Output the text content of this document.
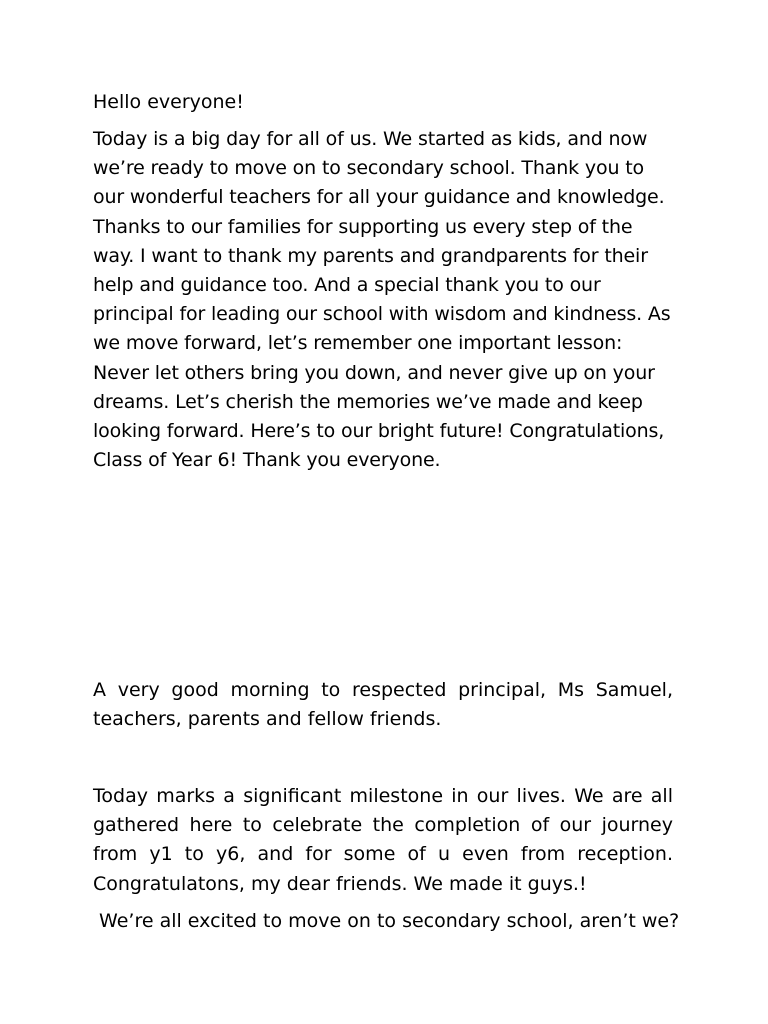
Hello everyone!

Today is a big day for all of us. We started as kids, and now we’re ready to move on to secondary school. Thank you to our wonderful teachers for all your guidance and knowledge. Thanks to our families for supporting us every step of the way. I want to thank my parents and grandparents for their help and guidance too. And a special thank you to our principal for leading our school with wisdom and kindness. As we move forward, let’s remember one important lesson: Never let others bring you down, and never give up on your dreams. Let’s cherish the memories we’ve made and keep looking forward. Here’s to our bright future! Congratulations, Class of Year 6! Thank you everyone.

A very good morning to respected principal, Ms Samuel, teachers, parents and fellow friends.

Today marks a significant milestone in our lives. We are all gathered here to celebrate the completion of our journey from y1 to y6, and for some of u even from reception. Congratulatons, my dear friends. We made it guys.!

We’re all excited to move on to secondary school, aren’t we?
